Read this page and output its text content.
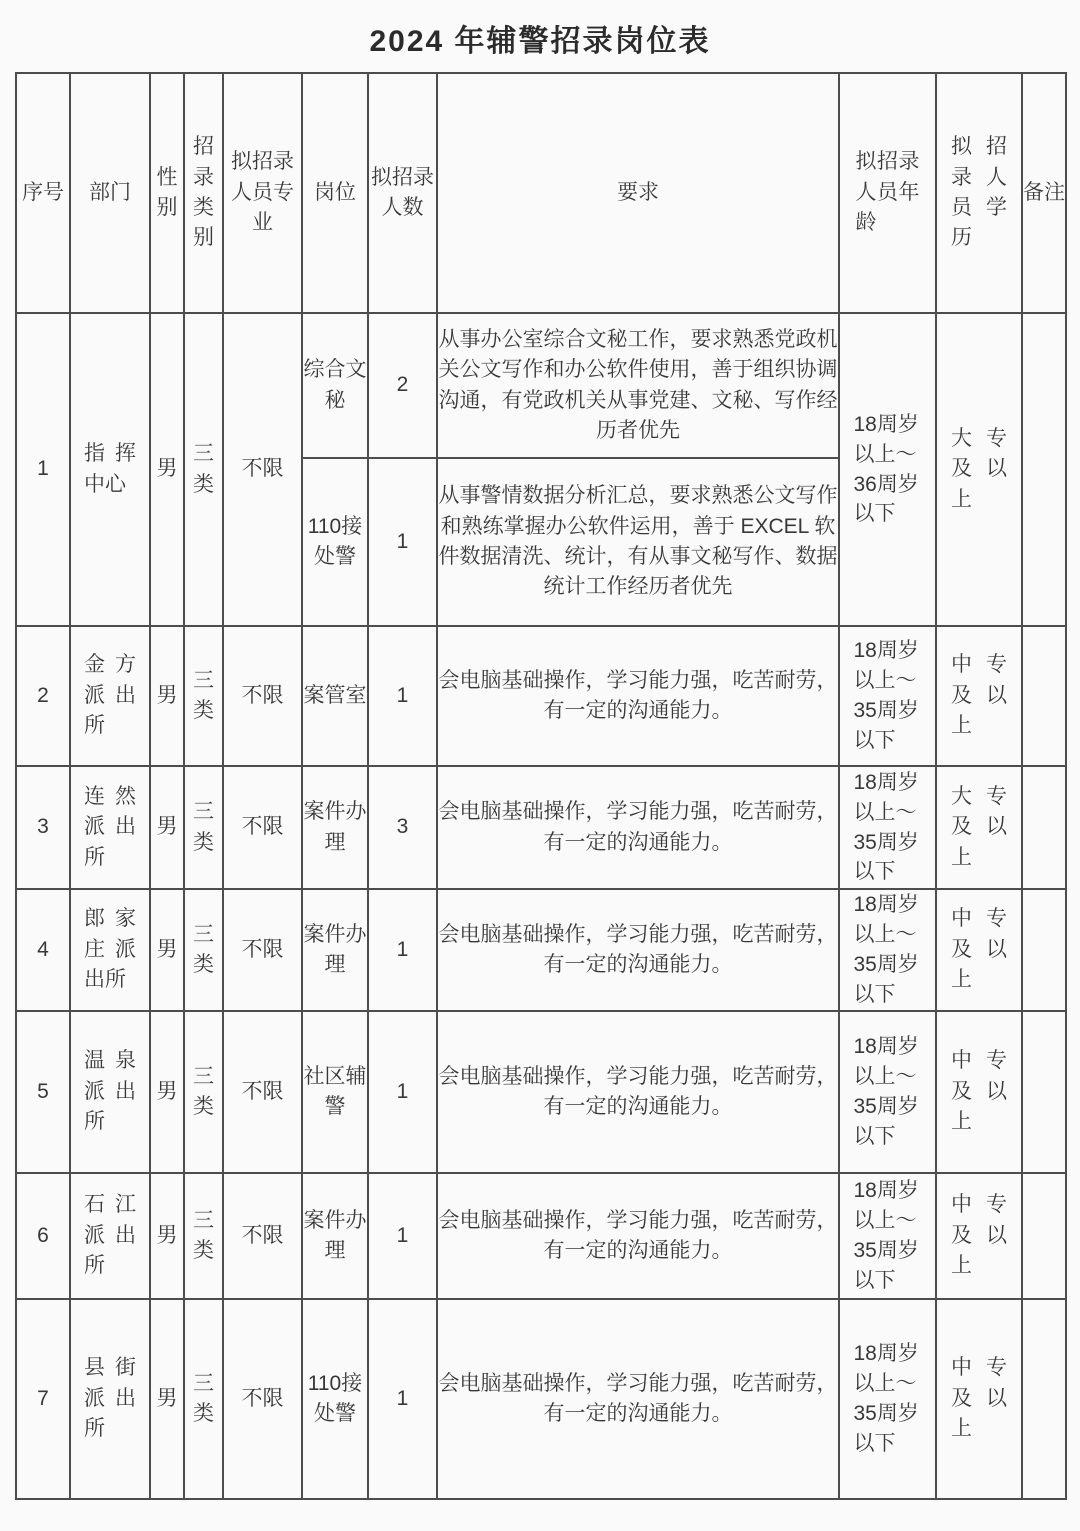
2024 年辅警招录岗位表
序号	部门	性别	招录类别	拟招录人员专业	岗位	拟招录人数	要求	拟招录人员年龄	拟招录人员学历	备注
1	指挥中心	男	三类	不限	综合文秘	2	从事办公室综合文秘工作，要求熟悉党政机关公文写作和办公软件使用，善于组织协调沟通，有党政机关从事党建、文秘、写作经历者优先	18周岁以上～36周岁以下	大专及以上	

					110接处警	1	从事警情数据分析汇总，要求熟悉公文写作和熟练掌握办公软件运用，善于 EXCEL 软件数据清洗、统计，有从事文秘写作、数据统计工作经历者优先			
2	金方派出所	男	三类	不限	案管室	1	会电脑基础操作，学习能力强，吃苦耐劳，有一定的沟通能力。	18周岁以上～35周岁以下	中专及以上	

3	连然派出所	男	三类	不限	案件办理	3	会电脑基础操作，学习能力强，吃苦耐劳，有一定的沟通能力。	18周岁以上～35周岁以下	大专及以上	

4	郎家庄派出所	男	三类	不限	案件办理	1	会电脑基础操作，学习能力强，吃苦耐劳，有一定的沟通能力。	18周岁以上～35周岁以下	中专及以上	

5	温泉派出所	男	三类	不限	社区辅警	1	会电脑基础操作，学习能力强，吃苦耐劳，有一定的沟通能力。	18周岁以上～35周岁以下	中专及以上	

6	石江派出所	男	三类	不限	案件办理	1	会电脑基础操作，学习能力强，吃苦耐劳，有一定的沟通能力。	18周岁以上～35周岁以下	中专及以上	

7	县街派出所	男	三类	不限	110接处警	1	会电脑基础操作，学习能力强，吃苦耐劳，有一定的沟通能力。	18周岁以上～35周岁以下	中专及以上	
